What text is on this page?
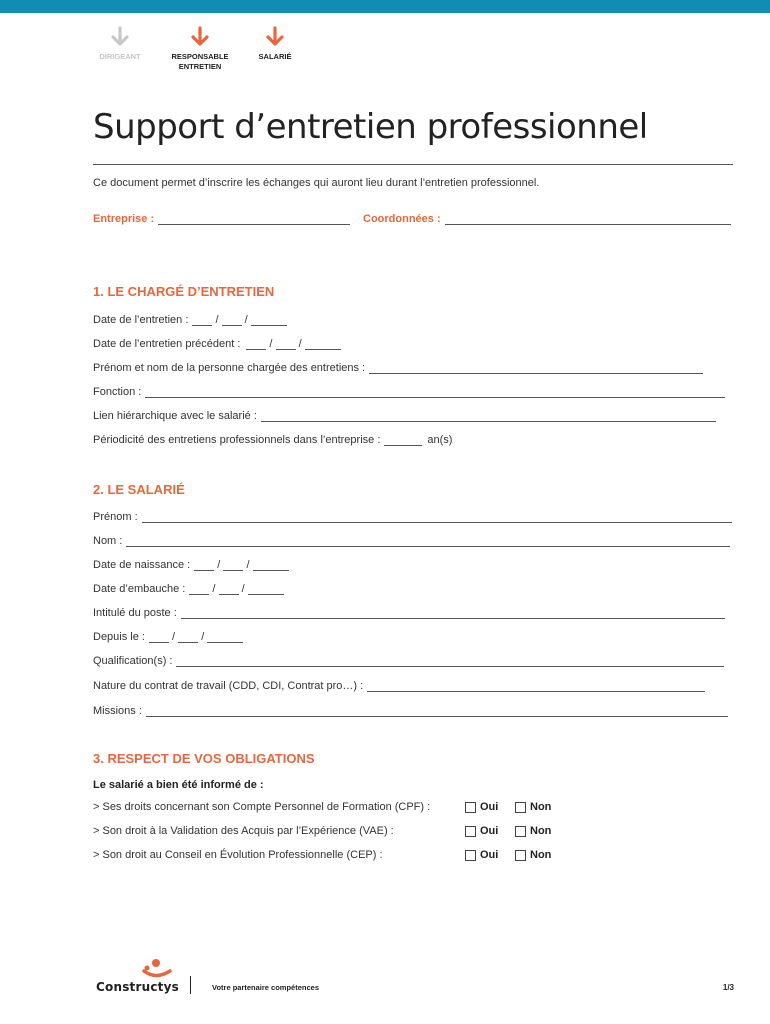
DIRIGEANT	RESPONSABLE
ENTRETIEN
SALARIÉ
Support d’entretien professionnel

Ce document permet d’inscrire les échanges qui auront lieu durant l’entretien professionnel.

Entreprise :	Coordonnées :
1. LE CHARGÉ D’ENTRETIEN
Date de l’entretien :	/  /
Date de l’entretien précédent :	/  /
Prénom et nom de la personne chargée des entretiens :
Fonction :
Lien hiérarchique avec le salarié :
Périodicité des entretiens professionnels dans l’entreprise :	an(s)
2. LE SALARIÉ
Prénom :
Nom :
Date de naissance :	/  /
Date d’embauche :	/  /
Intitulé du poste :
Depuis le :	/  /
Qualification(s) :
Nature du contrat de travail (CDD, CDI, Contrat pro…) :
Missions :
3. RESPECT DE VOS OBLIGATIONS

Le salarié a bien été informé de :

> Ses droits concernant son Compte Personnel de Formation (CPF) :	Oui	Non
> Son droit à la Validation des Acquis par l’Expérience (VAE) :	Oui	Non
> Son droit au Conseil en Évolution Professionnelle (CEP) :	Oui	Non
Constructys	Votre partenaire compétences	1/3
